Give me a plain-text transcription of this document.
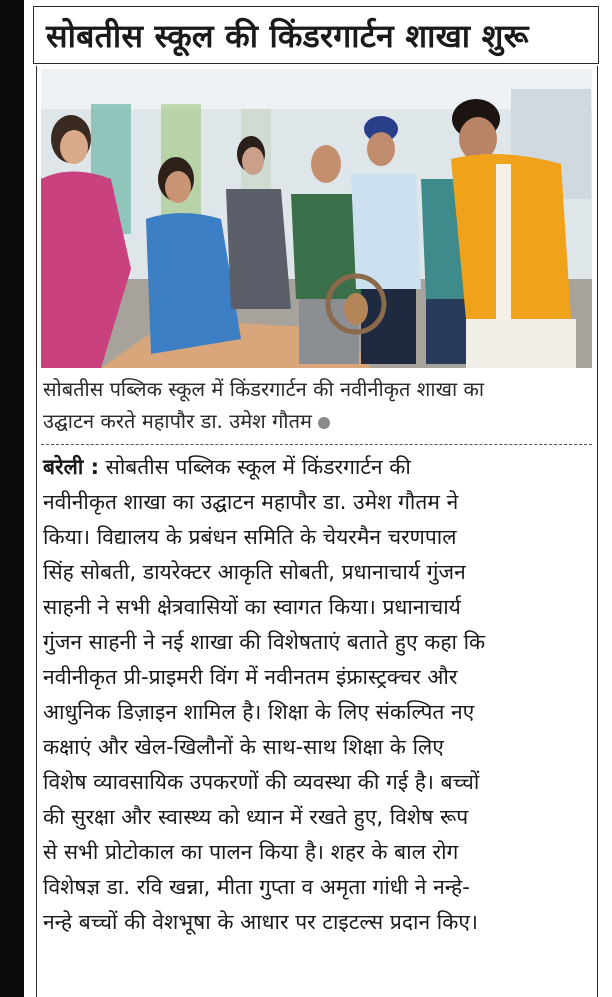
सोबतीस स्कूल की किंडरगार्टन शाखा शुरू
सोबतीस पब्लिक स्कूल में किंडरगार्टन की नवीनीकृत शाखा का
उद्घाटन करते महापौर डा. उमेश गौतम
बरेली : सोबतीस पब्लिक स्कूल में किंडरगार्टन की
नवीनीकृत शाखा का उद्घाटन महापौर डा. उमेश गौतम ने
किया। विद्यालय के प्रबंधन समिति के चेयरमैन चरणपाल
सिंह सोबती, डायरेक्टर आकृति सोबती, प्रधानाचार्य गुंजन
साहनी ने सभी क्षेत्रवासियों का स्वागत किया। प्रधानाचार्य
गुंजन साहनी ने नई शाखा की विशेषताएं बताते हुए कहा कि
नवीनीकृत प्री-प्राइमरी विंग में नवीनतम इंफ्रास्ट्रक्चर और
आधुनिक डिज़ाइन शामिल है। शिक्षा के लिए संकल्पित नए
कक्षाएं और खेल-खिलौनों के साथ-साथ शिक्षा के लिए
विशेष व्यावसायिक उपकरणों की व्यवस्था की गई है। बच्चों
की सुरक्षा और स्वास्थ्य को ध्यान में रखते हुए, विशेष रूप
से सभी प्रोटोकाल का पालन किया है। शहर के बाल रोग
विशेषज्ञ डा. रवि खन्ना, मीता गुप्ता व अमृता गांधी ने नन्हे-
नन्हे बच्चों की वेशभूषा के आधार पर टाइटल्स प्रदान किए।
